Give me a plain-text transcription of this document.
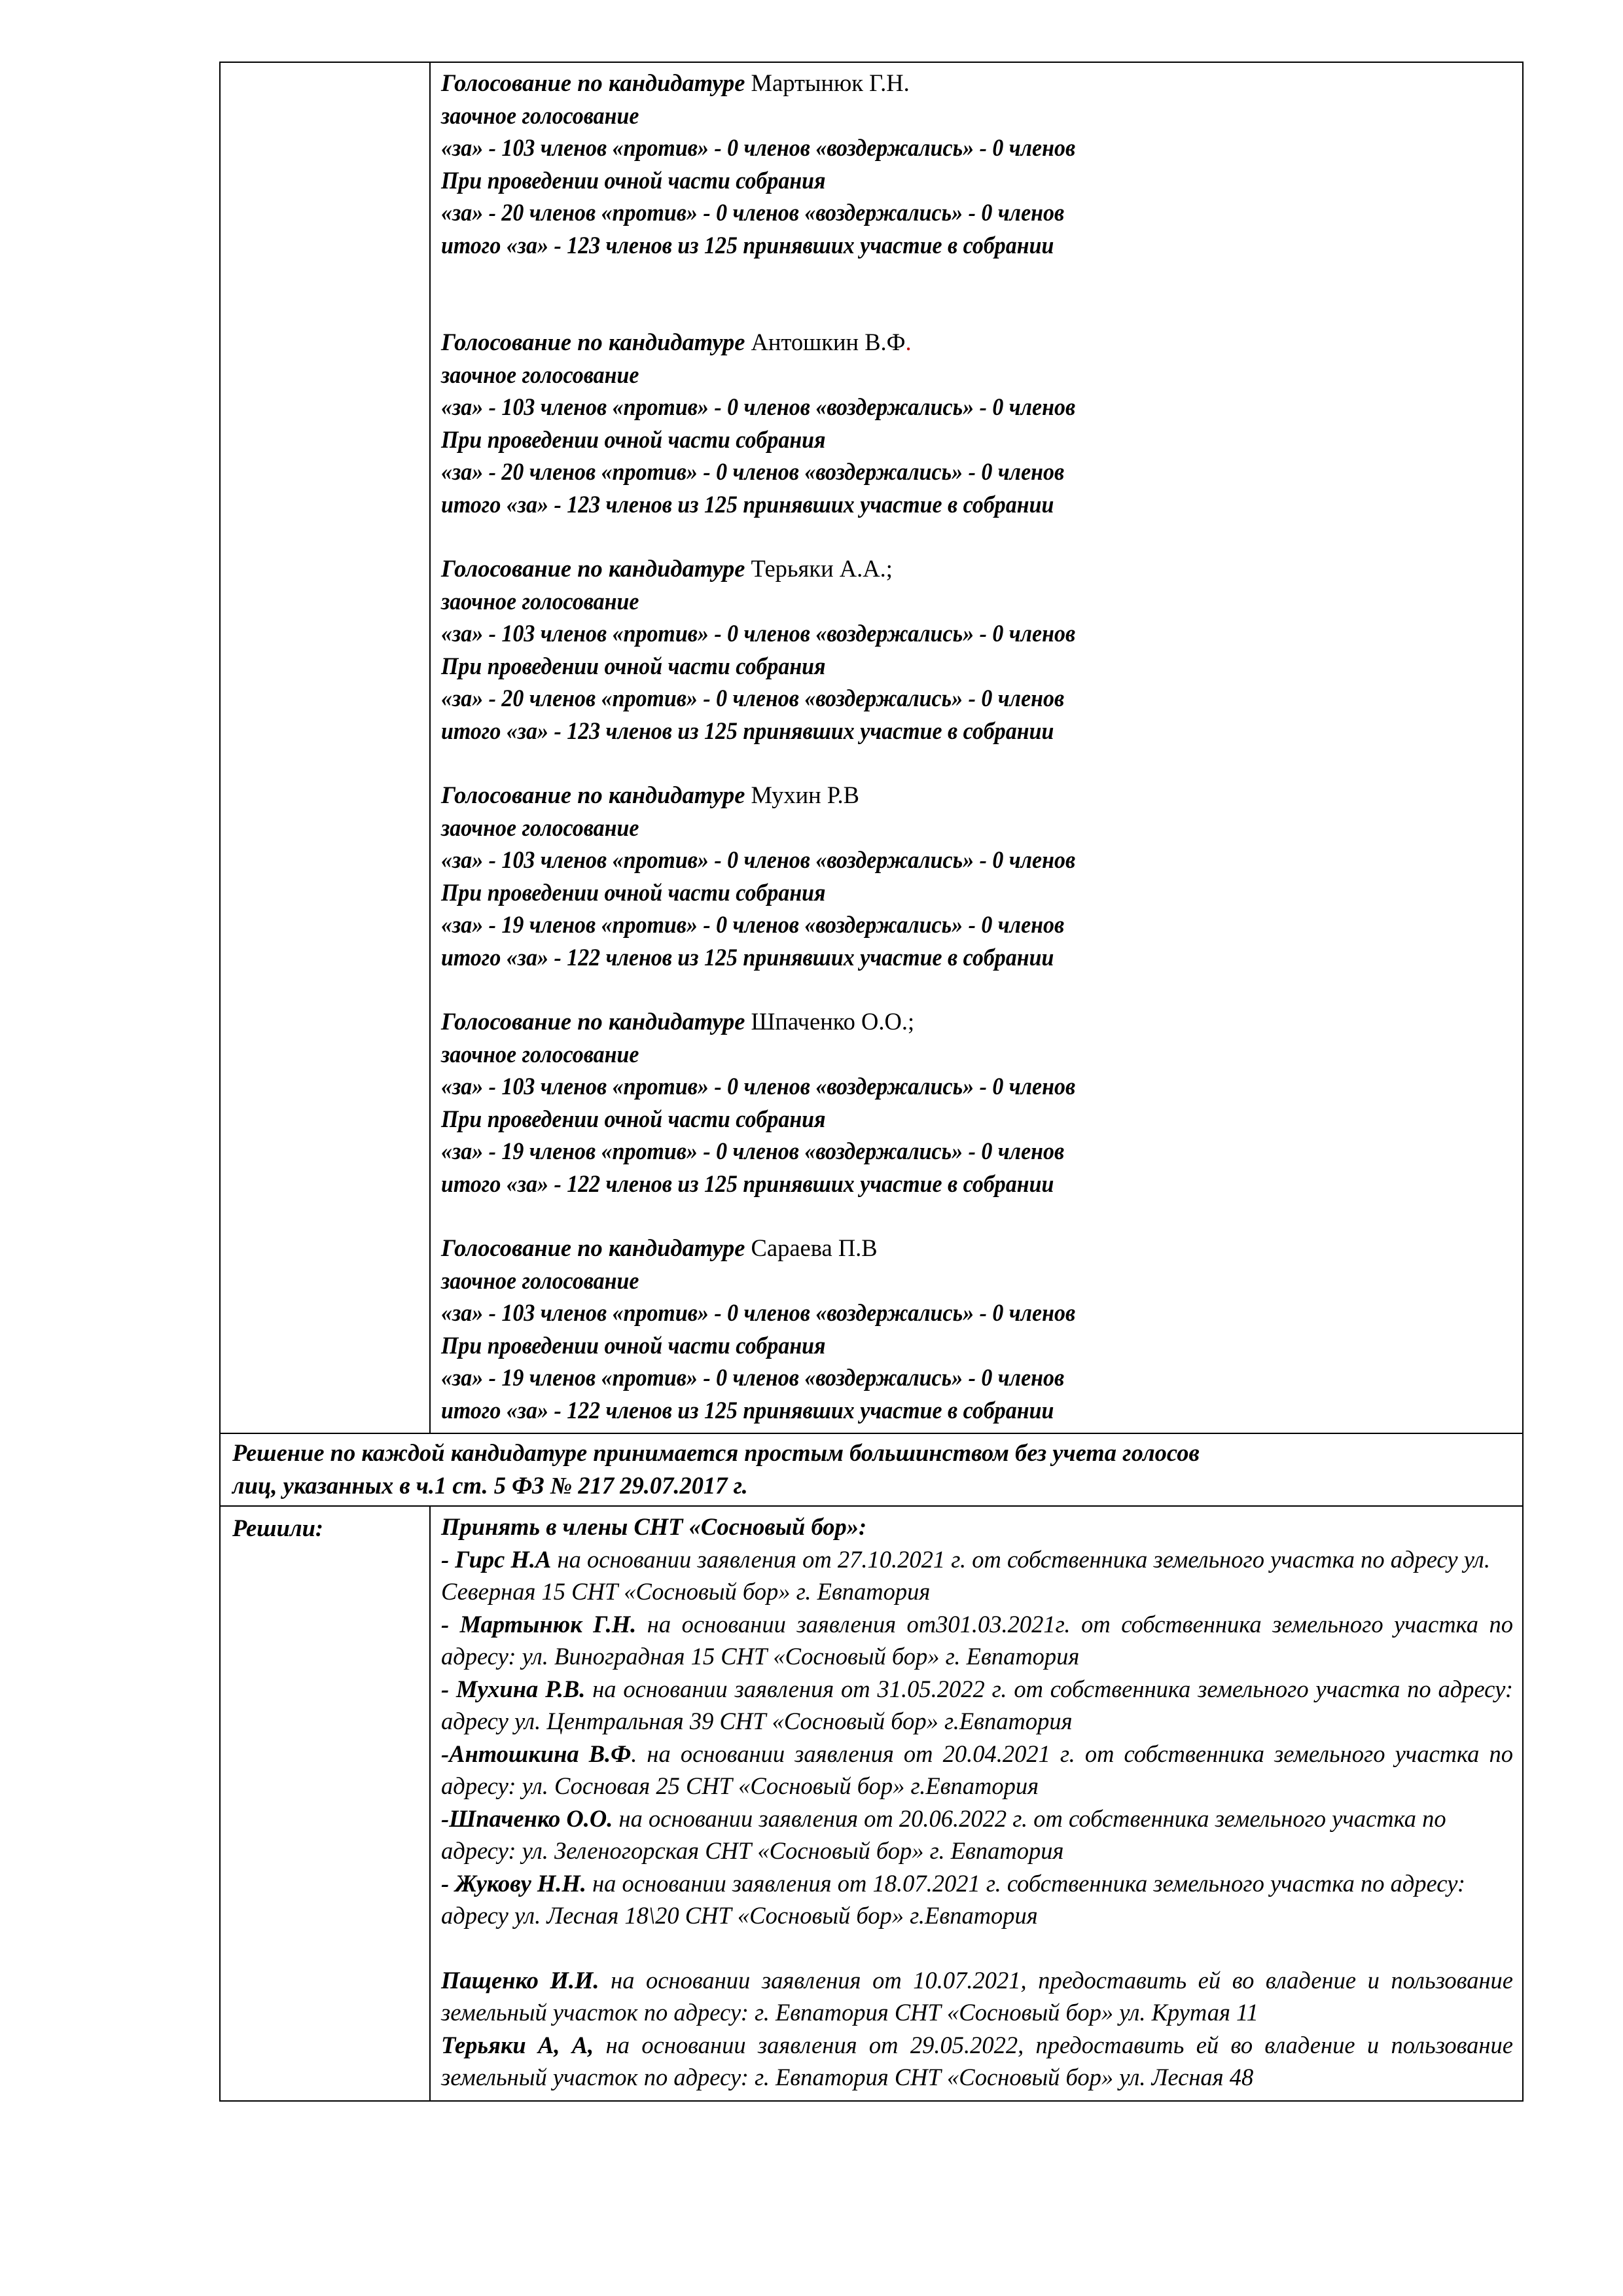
Голосование по кандидатуре Мартынюк Г.Н.
заочное голосование
«за» - 103 членов «против» - 0 членов «воздержались» - 0 членов
При проведении очной части собрания
«за» - 20 членов «против» - 0 членов «воздержались» - 0 членов
итого «за» - 123 членов из 125 принявших участие в собрании
Голосование по кандидатуре Антошкин В.Ф.
заочное голосование
«за» - 103 членов «против» - 0 членов «воздержались» - 0 членов
При проведении очной части собрания
«за» - 20 членов «против» - 0 членов «воздержались» - 0 членов
итого «за» - 123 членов из 125 принявших участие в собрании
Голосование по кандидатуре Терьяки А.А.;
заочное голосование
«за» - 103 членов «против» - 0 членов «воздержались» - 0 членов
При проведении очной части собрания
«за» - 20 членов «против» - 0 членов «воздержались» - 0 членов
итого «за» - 123 членов из 125 принявших участие в собрании
Голосование по кандидатуре Мухин Р.В
заочное голосование
«за» - 103 членов «против» - 0 членов «воздержались» - 0 членов
При проведении очной части собрания
«за» - 19 членов «против» - 0 членов «воздержались» - 0 членов
итого «за» - 122 членов из 125 принявших участие в собрании
Голосование по кандидатуре Шпаченко О.О.;
заочное голосование
«за» - 103 членов «против» - 0 членов «воздержались» - 0 членов
При проведении очной части собрания
«за» - 19 членов «против» - 0 членов «воздержались» - 0 членов
итого «за» - 122 членов из 125 принявших участие в собрании
Голосование по кандидатуре Сараева П.В
заочное голосование
«за» - 103 членов «против» - 0 членов «воздержались» - 0 членов
При проведении очной части собрания
«за» - 19 членов «против» - 0 членов «воздержались» - 0 членов
итого «за» - 122 членов из 125 принявших участие в собрании

Решение по каждой кандидатуре принимается простым большинством без учета голосов
лиц, указанных в ч.1 ст. 5 ФЗ № 217 29.07.2017 г.	

Решили:	Принять в члены СНТ «Сосновый бор»:

- Гирс Н.А на основании заявления от 27.10.2021 г. от собственника земельного участка по адресу ул. Северная 15 СНТ «Сосновый бор» г. Евпатория

- Мартынюк Г.Н. на основании заявления от301.03.2021г. от собственника земельного участка по адресу: ул. Виноградная 15 СНТ «Сосновый бор» г. Евпатория

- Мухина Р.В. на основании заявления от 31.05.2022 г. от собственника земельного участка по адресу: адресу ул. Центральная 39 СНТ «Сосновый бор» г.Евпатория

-Антошкина В.Ф. на основании заявления от 20.04.2021 г. от собственника земельного участка по адресу: ул. Сосновая 25 СНТ «Сосновый бор» г.Евпатория

-Шпаченко О.О. на основании заявления от 20.06.2022 г. от собственника земельного участка по адресу: ул. Зеленогорская СНТ «Сосновый бор» г. Евпатория

- Жукову Н.Н. на основании заявления от 18.07.2021 г. собственника земельного участка по адресу: адресу ул. Лесная 18\20 СНТ «Сосновый бор» г.Евпатория

Пащенко И.И. на основании заявления от 10.07.2021, предоставить ей во владение и пользование земельный участок по адресу: г. Евпатория СНТ «Сосновый бор» ул. Крутая 11

Терьяки А, А, на основании заявления от 29.05.2022, предоставить ей во владение и пользование земельный участок по адресу: г. Евпатория СНТ «Сосновый бор» ул. Лесная 48
